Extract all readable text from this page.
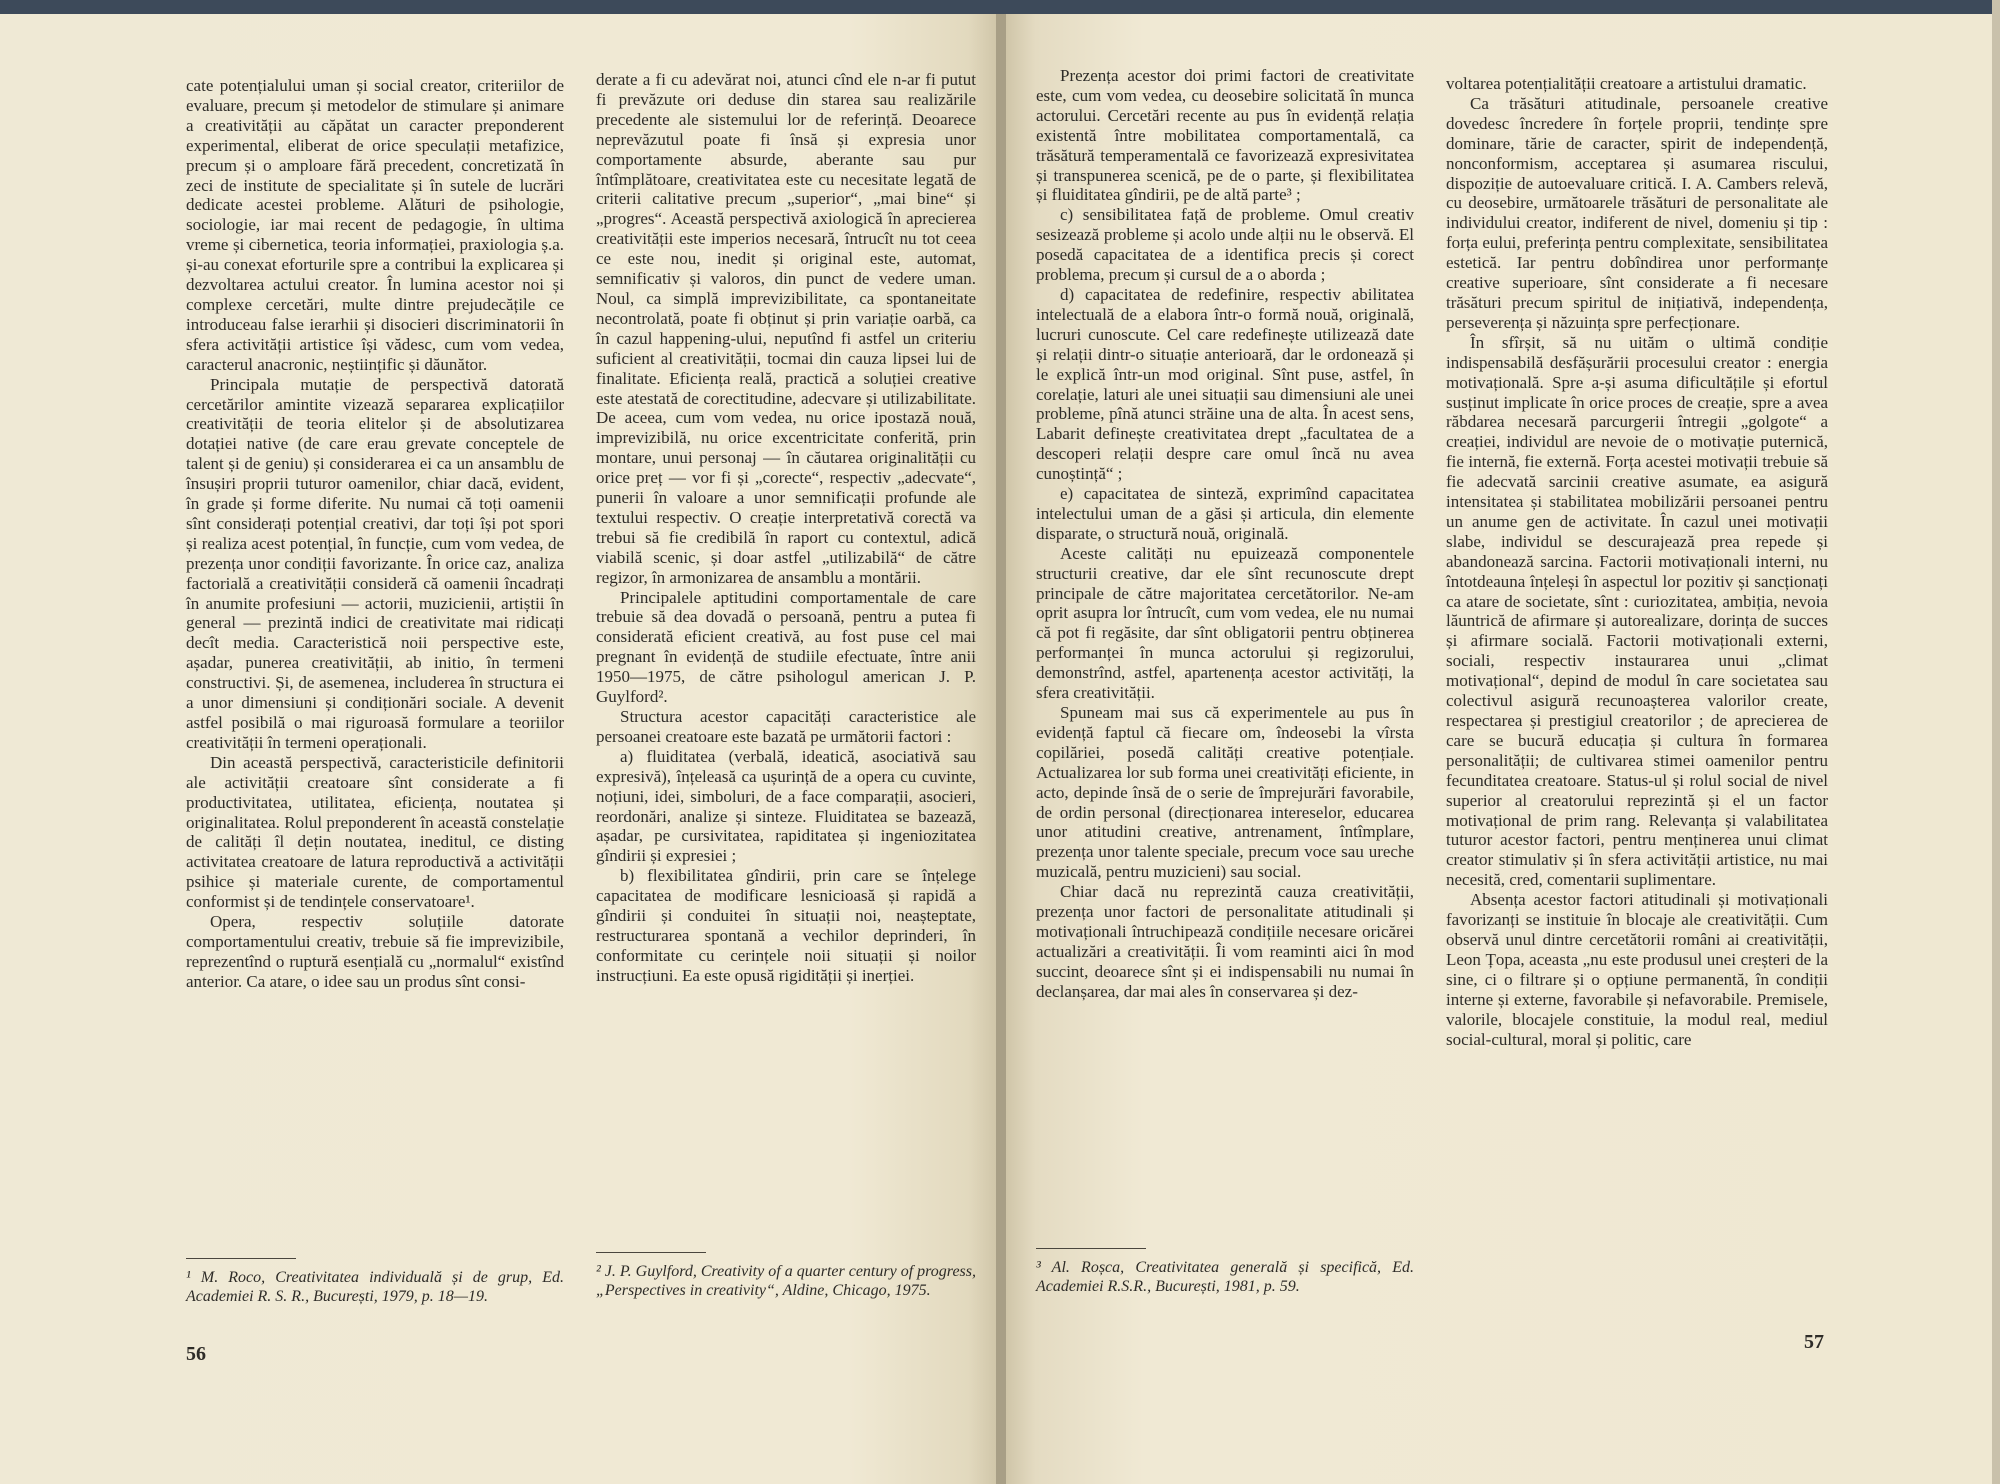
cate potențialului uman și social creator, criteriilor de evaluare, precum și metodelor de stimulare și animare a creativității au căpătat un caracter preponderent experimental, eliberat de orice speculații metafizice, precum și o amploare fără precedent, concretizată în zeci de institute de specialitate și în sutele de lucrări dedicate acestei probleme. Alături de psihologie, sociologie, iar mai recent de pedagogie, în ultima vreme și cibernetica, teoria informației, praxiologia ș.a. și-au conexat eforturile spre a contribui la explicarea și dezvoltarea actului creator. În lumina acestor noi și complexe cercetări, multe dintre prejudecățile ce introduceau false ierarhii și disocieri discriminatorii în sfera activității artistice își vădesc, cum vom vedea, caracterul anacronic, neștiințific și dăunător.

Principala mutație de perspectivă datorată cercetărilor amintite vizează separarea explicațiilor creativității de teoria elitelor și de absolutizarea dotației native (de care erau grevate conceptele de talent și de geniu) și considerarea ei ca un ansamblu de însușiri proprii tuturor oamenilor, chiar dacă, evident, în grade și forme diferite. Nu numai că toți oamenii sînt considerați potențial creativi, dar toți își pot spori și realiza acest potențial, în funcție, cum vom vedea, de prezența unor condiții favorizante. În orice caz, analiza factorială a creativității consideră că oamenii încadrați în anumite profesiuni — actorii, muzicienii, artiștii în general — prezintă indici de creativitate mai ridicați decît media. Caracteristică noii perspective este, așadar, punerea creativității, ab initio, în termeni constructivi. Și, de asemenea, includerea în structura ei a unor dimensiuni și condiționări sociale. A devenit astfel posibilă o mai riguroasă formulare a teoriilor creativității în termeni operaționali.

Din această perspectivă, caracteristicile definitorii ale activității creatoare sînt considerate a fi productivitatea, utilitatea, eficiența, noutatea și originalitatea. Rolul preponderent în această constelație de calități îl dețin noutatea, ineditul, ce disting activitatea creatoare de latura reproductivă a activității psihice și materiale curente, de comportamentul conformist și de tendințele conservatoare¹.

Opera, respectiv soluțiile datorate comportamentului creativ, trebuie să fie imprevizibile, reprezentînd o ruptură esențială cu „normalul“ existînd anterior. Ca atare, o idee sau un produs sînt consi-

derate a fi cu adevărat noi, atunci cînd ele n-ar fi putut fi prevăzute ori deduse din starea sau realizările precedente ale sistemului lor de referință. Deoarece neprevăzutul poate fi însă și expresia unor comportamente absurde, aberante sau pur întîmplătoare, creativitatea este cu necesitate legată de criterii calitative precum „superior“, „mai bine“ și „progres“. Această perspectivă axiologică în aprecierea creativității este imperios necesară, întrucît nu tot ceea ce este nou, inedit și original este, automat, semnificativ și valoros, din punct de vedere uman. Noul, ca simplă imprevizibilitate, ca spontaneitate necontrolată, poate fi obținut și prin variație oarbă, ca în cazul happening-ului, neputînd fi astfel un criteriu suficient al creativității, tocmai din cauza lipsei lui de finalitate. Eficiența reală, practică a soluției creative este atestată de corectitudine, adecvare și utilizabilitate. De aceea, cum vom vedea, nu orice ipostază nouă, imprevizibilă, nu orice excentricitate conferită, prin montare, unui personaj — în căutarea originalității cu orice preț — vor fi și „corecte“, respectiv „adecvate“, punerii în valoare a unor semnificații profunde ale textului respectiv. O creație interpretativă corectă va trebui să fie credibilă în raport cu contextul, adică viabilă scenic, și doar astfel „utilizabilă“ de către regizor, în armonizarea de ansamblu a montării.

Principalele aptitudini comportamentale de care trebuie să dea dovadă o persoană, pentru a putea fi considerată eficient creativă, au fost puse cel mai pregnant în evidență de studiile efectuate, între anii 1950—1975, de către psihologul american J. P. Guylford².

Structura acestor capacități caracteristice ale persoanei creatoare este bazată pe următorii factori :

a) fluiditatea (verbală, ideatică, asociativă sau expresivă), înțeleasă ca ușurință de a opera cu cuvinte, noțiuni, idei, simboluri, de a face comparații, asocieri, reordonări, analize și sinteze. Fluiditatea se bazează, așadar, pe cursivitatea, rapiditatea și ingeniozitatea gîndirii și expresiei ;

b) flexibilitatea gîndirii, prin care se înțelege capacitatea de modificare lesnicioasă și rapidă a gîndirii și conduitei în situații noi, neașteptate, restructurarea spontană a vechilor deprinderi, în conformitate cu cerințele noii situații și noilor instrucțiuni. Ea este opusă rigidității și inerției.

¹ M. Roco, Creativitatea individuală și de grup, Ed. Academiei R. S. R., București, 1979, p. 18—19.
² J. P. Guylford, Creativity of a quarter century of progress, „Perspectives in creativity“, Aldine, Chicago, 1975.
56

Prezența acestor doi primi factori de creativitate este, cum vom vedea, cu deosebire solicitată în munca actorului. Cercetări recente au pus în evidență relația existentă între mobilitatea comportamentală, ca trăsătură temperamentală ce favorizează expresivitatea și transpunerea scenică, pe de o parte, și flexibilitatea și fluiditatea gîndirii, pe de altă parte³ ;

c) sensibilitatea față de probleme. Omul creativ sesizează probleme și acolo unde alții nu le observă. El posedă capacitatea de a identifica precis și corect problema, precum și cursul de a o aborda ;

d) capacitatea de redefinire, respectiv abilitatea intelectuală de a elabora într-o formă nouă, originală, lucruri cunoscute. Cel care redefinește utilizează date și relații dintr-o situație anterioară, dar le ordonează și le explică într-un mod original. Sînt puse, astfel, în corelație, laturi ale unei situații sau dimensiuni ale unei probleme, pînă atunci străine una de alta. În acest sens, Labarit definește creativitatea drept „facultatea de a descoperi relații despre care omul încă nu avea cunoștință“ ;

e) capacitatea de sinteză, exprimînd capacitatea intelectului uman de a găsi și articula, din elemente disparate, o structură nouă, originală.

Aceste calități nu epuizează componentele structurii creative, dar ele sînt recunoscute drept principale de către majoritatea cercetătorilor. Ne-am oprit asupra lor întrucît, cum vom vedea, ele nu numai că pot fi regăsite, dar sînt obligatorii pentru obținerea performanței în munca actorului și regizorului, demonstrînd, astfel, apartenența acestor activități, la sfera creativității.

Spuneam mai sus că experimentele au pus în evidență faptul că fiecare om, îndeosebi la vîrsta copilăriei, posedă calități creative potențiale. Actualizarea lor sub forma unei creativități eficiente, in acto, depinde însă de o serie de împrejurări favorabile, de ordin personal (direcționarea intereselor, educarea unor atitudini creative, antrenament, întîmplare, prezența unor talente speciale, precum voce sau ureche muzicală, pentru muzicieni) sau social.

Chiar dacă nu reprezintă cauza creativității, prezența unor factori de personalitate atitudinali și motivaționali întruchipează condițiile necesare oricărei actualizări a creativității. Îi vom reaminti aici în mod succint, deoarece sînt și ei indispensabili nu numai în declanșarea, dar mai ales în conservarea și dez-

voltarea potențialității creatoare a artistului dramatic.

Ca trăsături atitudinale, persoanele creative dovedesc încredere în forțele proprii, tendințe spre dominare, tărie de caracter, spirit de independență, nonconformism, acceptarea și asumarea riscului, dispoziție de autoevaluare critică. I. A. Cambers relevă, cu deosebire, următoarele trăsături de personalitate ale individului creator, indiferent de nivel, domeniu și tip : forța eului, preferința pentru complexitate, sensibilitatea estetică. Iar pentru dobîndirea unor performanțe creative superioare, sînt considerate a fi necesare trăsături precum spiritul de inițiativă, independența, perseverența și năzuința spre perfecționare.

În sfîrșit, să nu uităm o ultimă condiție indispensabilă desfășurării procesului creator : energia motivațională. Spre a-și asuma dificultățile și efortul susținut implicate în orice proces de creație, spre a avea răbdarea necesară parcurgerii întregii „golgote“ a creației, individul are nevoie de o motivație puternică, fie internă, fie externă. Forța acestei motivații trebuie să fie adecvată sarcinii creative asumate, ea asigură intensitatea și stabilitatea mobilizării persoanei pentru un anume gen de activitate. În cazul unei motivații slabe, individul se descurajează prea repede și abandonează sarcina. Factorii motivaționali interni, nu întotdeauna înțeleși în aspectul lor pozitiv și sancționați ca atare de societate, sînt : curiozitatea, ambiția, nevoia lăuntrică de afirmare și autorealizare, dorința de succes și afirmare socială. Factorii motivaționali externi, sociali, respectiv instaurarea unui „climat motivațional“, depind de modul în care societatea sau colectivul asigură recunoașterea valorilor create, respectarea și prestigiul creatorilor ; de aprecierea de care se bucură educația și cultura în formarea personalității; de cultivarea stimei oamenilor pentru fecunditatea creatoare. Status-ul și rolul social de nivel superior al creatorului reprezintă și el un factor motivațional de prim rang. Relevanța și valabilitatea tuturor acestor factori, pentru menținerea unui climat creator stimulativ și în sfera activității artistice, nu mai necesită, cred, comentarii suplimentare.

Absența acestor factori atitudinali și motivaționali favorizanți se instituie în blocaje ale creativității. Cum observă unul dintre cercetătorii români ai creativității, Leon Țopa, aceasta „nu este produsul unei creșteri de la sine, ci o filtrare și o opțiune permanentă, în condiții interne și externe, favorabile și nefavorabile. Premisele, valorile, blocajele constituie, la modul real, mediul social-cultural, moral și politic, care

³ Al. Roșca, Creativitatea generală și specifică, Ed. Academiei R.S.R., București, 1981, p. 59.
57
